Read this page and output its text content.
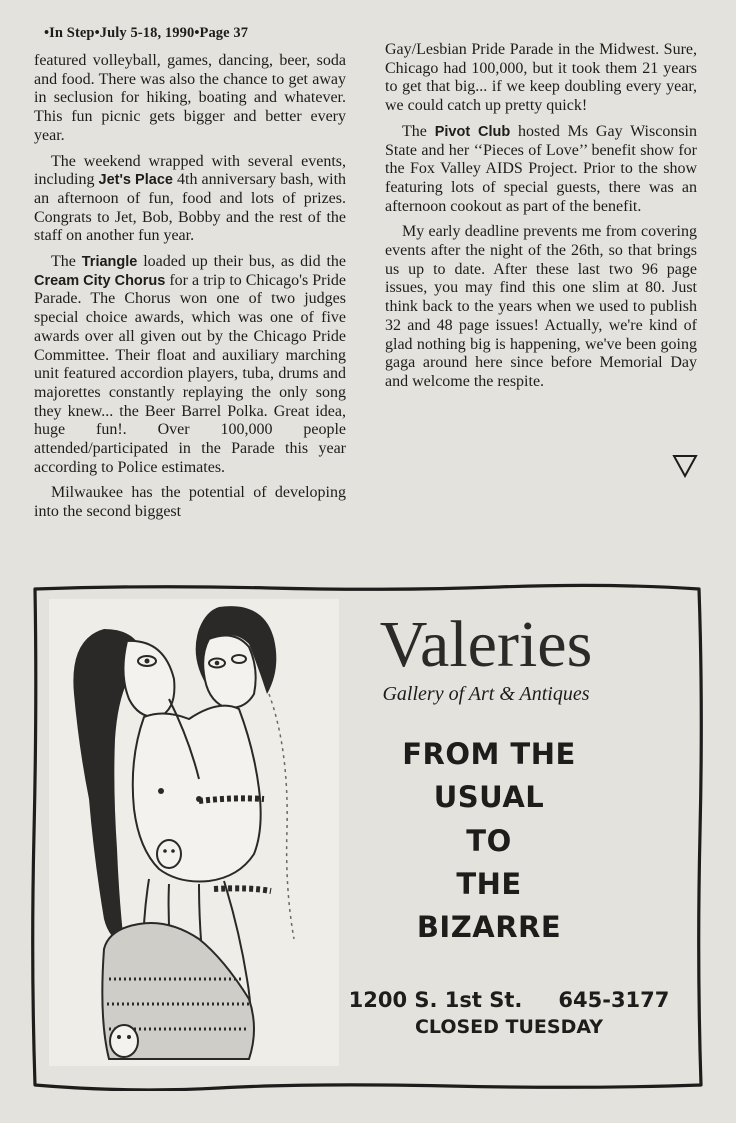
•In Step•July 5-18, 1990•Page 37

featured volleyball, games, dancing, beer, soda and food. There was also the chance to get away in seclusion for hiking, boating and whatever. This fun picnic gets bigger and better every year.

The weekend wrapped with several events, including Jet's Place 4th anniversary bash, with an afternoon of fun, food and lots of prizes. Congrats to Jet, Bob, Bobby and the rest of the staff on another fun year.

The Triangle loaded up their bus, as did the Cream City Chorus for a trip to Chicago's Pride Parade. The Chorus won one of two judges special choice awards, which was one of five awards over all given out by the Chicago Pride Committee. Their float and auxiliary marching unit featured accordion players, tuba, drums and majorettes constantly replaying the only song they knew... the Beer Barrel Polka. Great idea, huge fun!. Over 100,000 people attended/participated in the Parade this year according to Police estimates.

Milwaukee has the potential of developing into the second biggest

Gay/Lesbian Pride Parade in the Midwest. Sure, Chicago had 100,000, but it took them 21 years to get that big... if we keep doubling every year, we could catch up pretty quick!

The Pivot Club hosted Ms Gay Wisconsin State and her ‘‘Pieces of Love’’ benefit show for the Fox Valley AIDS Project. Prior to the show featuring lots of special guests, there was an afternoon cookout as part of the benefit.

My early deadline prevents me from covering events after the night of the 26th, so that brings us up to date. After these last two 96 page issues, you may find this one slim at 80. Just think back to the years when we used to publish 32 and 48 page issues! Actually, we're kind of glad nothing big is happening, we've been going gaga around here since before Memorial Day and welcome the respite.

Valeries
Gallery of Art & Antiques
FROM THE
USUAL
TO
THE
BIZARRE
1200 S. 1st St. 645-3177
CLOSED TUESDAY
